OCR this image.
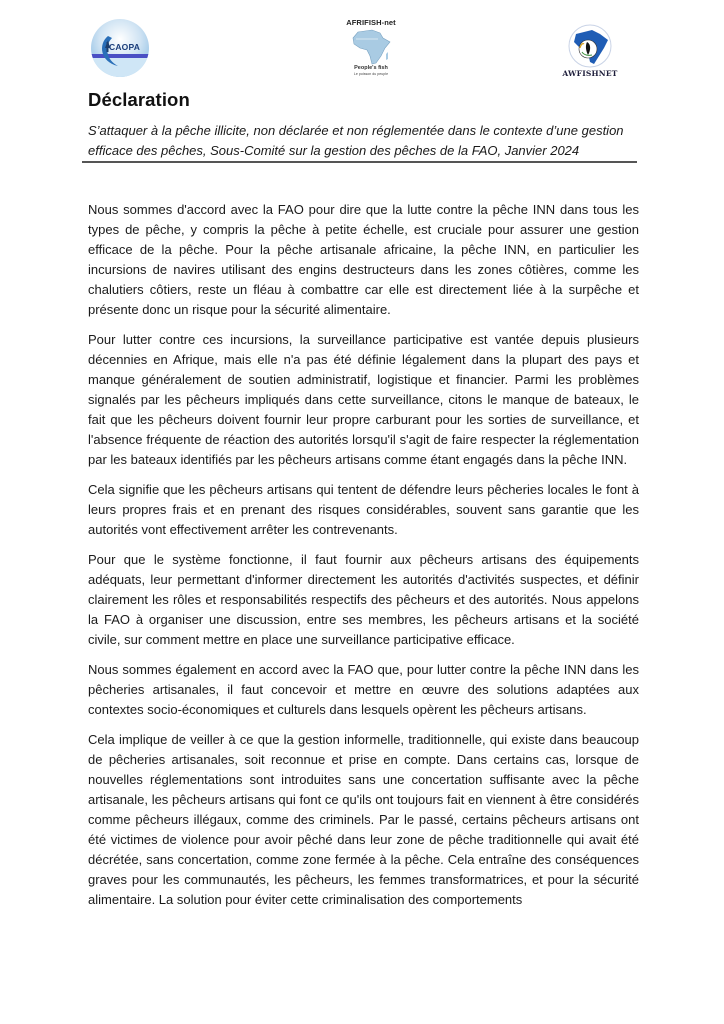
CAOPA
AFRIFISH-net
People's fish
Le poisson du peuple	AWFISHNET
Déclaration

S’attaquer à la pêche illicite, non déclarée et non réglementée dans le contexte d’une gestion efficace des pêches, Sous-Comité sur la gestion des pêches de la FAO, Janvier 2024

Nous sommes d'accord avec la FAO pour dire que la lutte contre la pêche INN dans tous les types de pêche, y compris la pêche à petite échelle, est cruciale pour assurer une gestion efficace de la pêche. Pour la pêche artisanale africaine, la pêche INN, en particulier les incursions de navires utilisant des engins destructeurs dans les zones côtières, comme les chalutiers côtiers, reste un fléau à combattre car elle est directement liée à la surpêche et présente donc un risque pour la sécurité alimentaire.

Pour lutter contre ces incursions, la surveillance participative est vantée depuis plusieurs décennies en Afrique, mais elle n'a pas été définie légalement dans la plupart des pays et manque généralement de soutien administratif, logistique et financier. Parmi les problèmes signalés par les pêcheurs impliqués dans cette surveillance, citons le manque de bateaux, le fait que les pêcheurs doivent fournir leur propre carburant pour les sorties de surveillance, et l'absence fréquente de réaction des autorités lorsqu'il s'agit de faire respecter la réglementation par les bateaux identifiés par les pêcheurs artisans comme étant engagés dans la pêche INN.

Cela signifie que les pêcheurs artisans qui tentent de défendre leurs pêcheries locales le font à leurs propres frais et en prenant des risques considérables, souvent sans garantie que les autorités vont effectivement arrêter les contrevenants.

Pour que le système fonctionne, il faut fournir aux pêcheurs artisans des équipements adéquats, leur permettant d'informer directement les autorités d'activités suspectes, et définir clairement les rôles et responsabilités respectifs des pêcheurs et des autorités. Nous appelons la FAO à organiser une discussion, entre ses membres, les pêcheurs artisans et la société civile, sur comment mettre en place une surveillance participative efficace.

Nous sommes également en accord avec la FAO que, pour lutter contre la pêche INN dans les pêcheries artisanales, il faut concevoir et mettre en œuvre des solutions adaptées aux contextes socio-économiques et culturels dans lesquels opèrent les pêcheurs artisans.

Cela implique de veiller à ce que la gestion informelle, traditionnelle, qui existe dans beaucoup de pêcheries artisanales, soit reconnue et prise en compte. Dans certains cas, lorsque de nouvelles réglementations sont introduites sans une concertation suffisante avec la pêche artisanale, les pêcheurs artisans qui font ce qu'ils ont toujours fait en viennent à être considérés comme pêcheurs illégaux, comme des criminels. Par le passé, certains pêcheurs artisans ont été victimes de violence pour avoir pêché dans leur zone de pêche traditionnelle qui avait été décrétée, sans concertation, comme zone fermée à la pêche. Cela entraîne des conséquences graves pour les communautés, les pêcheurs, les femmes transformatrices, et pour la sécurité alimentaire. La solution pour éviter cette criminalisation des comportements
